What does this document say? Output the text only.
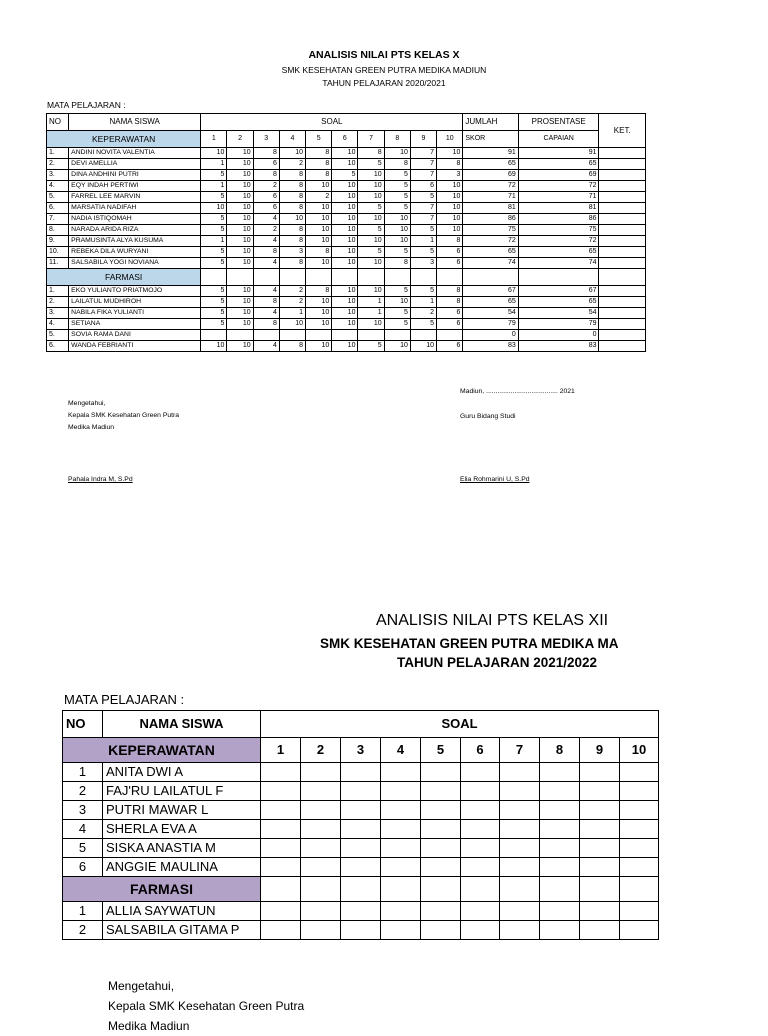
ANALISIS NILAI PTS KELAS X
SMK KESEHATAN GREEN PUTRA MEDIKA MADIUN
TAHUN PELAJARAN 2020/2021
MATA PELAJARAN :
NO	NAMA SISWA	SOAL										JUMLAH	PROSENTASE	KET.
KEPERAWATAN		1	2	3	4	5	6	7	8	9	10	SKOR	CAPAIAN	
1.	ANDINI NOVITA VALENTIA	10	10	8	10	8	10	8	10	7	10	91	91	
2.	DEVI AMELLIA	1	10	6	2	8	10	5	8	7	8	65	65	
3.	DINA ANDHINI PUTRI	5	10	8	8	8	5	10	5	7	3	69	69	
4.	EQY INDAH PERTIWI	1	10	2	8	10	10	10	5	6	10	72	72	
5.	FARREL LEE MARVIN	5	10	6	8	2	10	10	5	5	10	71	71	
6.	MARSATIA NADIFAH	10	10	6	8	10	10	5	5	7	10	81	81	
7.	NADIA ISTIQOMAH	5	10	4	10	10	10	10	10	7	10	86	86	
8.	NARADA ARIDA RIZA	5	10	2	8	10	10	5	10	5	10	75	75	
9.	PRAMUSINTA ALYA KUSUMA	1	10	4	8	10	10	10	10	1	8	72	72	
10.	REBEKA DILA WURYANI	5	10	8	3	8	10	5	5	5	6	65	65	
11.	SALSABILA YOGI NOVIANA	5	10	4	8	10	10	10	8	3	6	74	74	
FARMASI														
1.	EKO YULIANTO PRIATMOJO	5	10	4	2	8	10	10	5	5	8	67	67	
2.	LAILATUL MUDHIROH	5	10	8	2	10	10	1	10	1	8	65	65	
3.	NABILA FIKA YULIANTI	5	10	4	1	10	10	1	5	2	6	54	54	
4.	SETIANA	5	10	8	10	10	10	10	5	5	6	79	79	
5.	SOVIA RAMA DANI											0	0	
6.	WANDA FEBRIANTI	10	10	4	8	10	10	5	10	10	6	83	83	
Madiun, ...................................... 2021
Mengetahui,
Kepala SMK Kesehatan Green Putra
Medika Madiun
Guru Bidang Studi
Pahala Indra M, S.Pd	Elia Rohmarini U, S.Pd
ANALISIS NILAI PTS KELAS XII
SMK KESEHATAN GREEN PUTRA MEDIKA MA
TAHUN PELAJARAN 2021/2022
MATA PELAJARAN :
NO	NAMA SISWA	SOAL									
KEPERAWATAN		1	2	3	4	5	6	7	8	9	10
1	ANITA DWI A										
2	FAJ'RU LAILATUL F										
3	PUTRI MAWAR L										
4	SHERLA EVA A										
5	SISKA ANASTIA M										
6	ANGGIE MAULINA										
FARMASI											
1	ALLIA SAYWATUN										
2	SALSABILA GITAMA P										
Mengetahui,
Kepala SMK Kesehatan Green Putra
Medika Madiun
